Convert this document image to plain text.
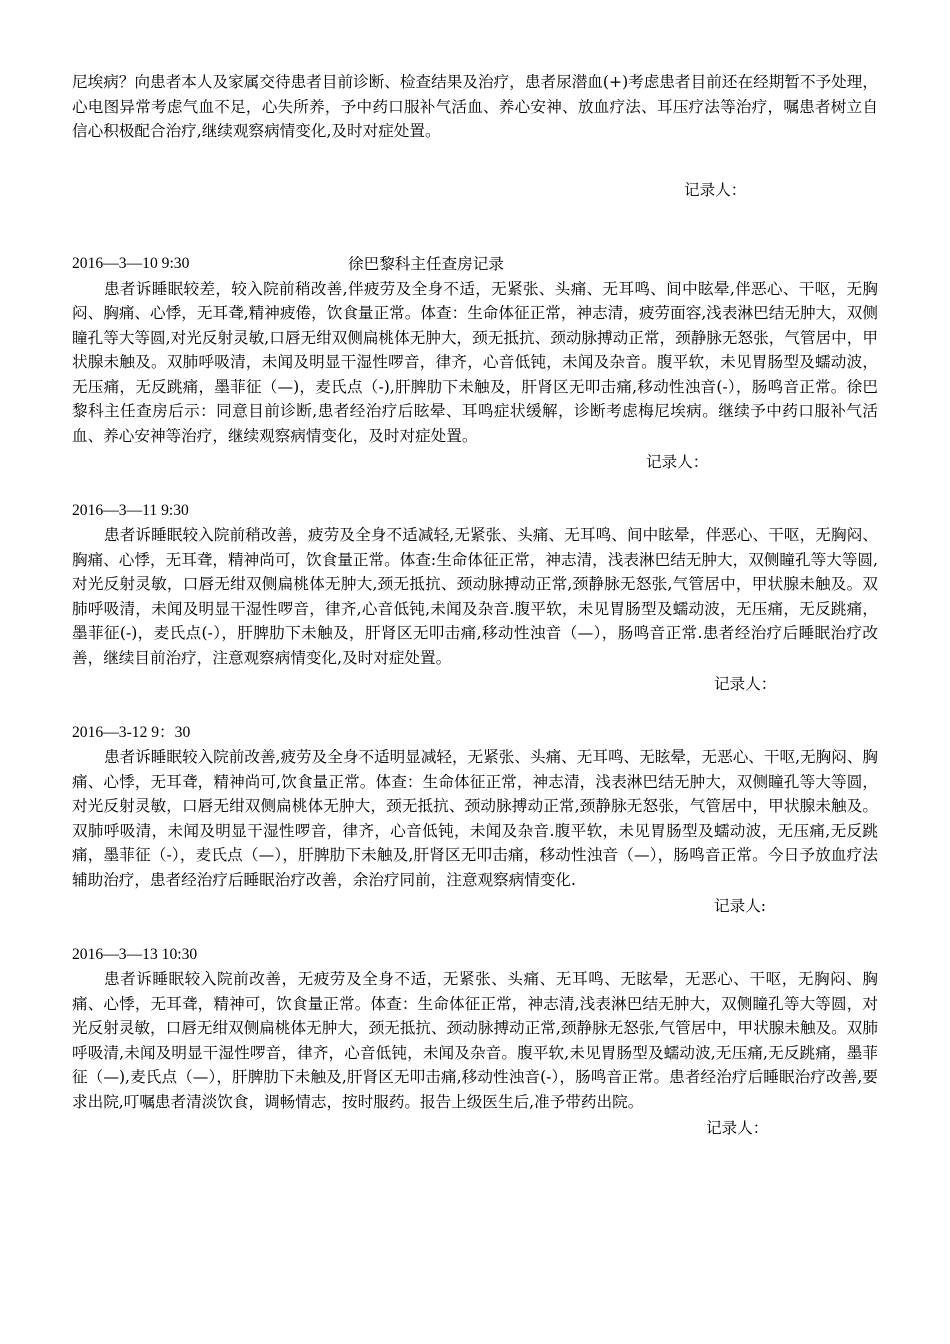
尼埃病？向患者本人及家属交待患者目前诊断、检查结果及治疗，患者尿潜血(+)考虑患者目前还在经期暂不予处理，心电图异常考虑气血不足，心失所养，予中药口服补气活血、养心安神、放血疗法、耳压疗法等治疗，嘱患者树立自信心积极配合治疗,继续观察病情变化,及时对症处置。

记录人：

2016—3—10 9:30	徐巴黎科主任查房记录

患者诉睡眠较差，较入院前稍改善,伴疲劳及全身不适，无紧张、头痛、无耳鸣、间中眩晕,伴恶心、干呕，无胸闷、胸痛、心悸，无耳聋,精神疲倦，饮食量正常。体查：生命体征正常，神志清，疲劳面容,浅表淋巴结无肿大，双侧瞳孔等大等圆,对光反射灵敏,口唇无绀双侧扁桃体无肿大，颈无抵抗、颈动脉搏动正常，颈静脉无怒张，气管居中，甲状腺未触及。双肺呼吸清，未闻及明显干湿性啰音，律齐，心音低钝，未闻及杂音。腹平软，未见胃肠型及蠕动波，无压痛，无反跳痛，墨菲征（—)，麦氏点（-),肝脾肋下未触及，肝肾区无叩击痛,移动性浊音(-），肠鸣音正常。徐巴黎科主任查房后示：同意目前诊断,患者经治疗后眩晕、耳鸣症状缓解，诊断考虑梅尼埃病。继续予中药口服补气活血、养心安神等治疗，继续观察病情变化，及时对症处置。

记录人：

2016—3—11 9:30

患者诉睡眠较入院前稍改善，疲劳及全身不适减轻,无紧张、头痛、无耳鸣、间中眩晕，伴恶心、干呕，无胸闷、胸痛、心悸，无耳聋，精神尚可，饮食量正常。体查:生命体征正常，神志清，浅表淋巴结无肿大，双侧瞳孔等大等圆,对光反射灵敏，口唇无绀双侧扁桃体无肿大,颈无抵抗、颈动脉搏动正常,颈静脉无怒张,气管居中，甲状腺未触及。双肺呼吸清，未闻及明显干湿性啰音，律齐,心音低钝,未闻及杂音.腹平软，未见胃肠型及蠕动波，无压痛，无反跳痛，墨菲征(-)，麦氏点(-），肝脾肋下未触及，肝肾区无叩击痛,移动性浊音（—），肠鸣音正常.患者经治疗后睡眠治疗改善，继续目前治疗，注意观察病情变化,及时对症处置。

记录人：

2016—3-12 9：30

患者诉睡眠较入院前改善,疲劳及全身不适明显减轻，无紧张、头痛、无耳鸣、无眩晕，无恶心、干呕,无胸闷、胸痛、心悸，无耳聋，精神尚可,饮食量正常。体查：生命体征正常，神志清，浅表淋巴结无肿大，双侧瞳孔等大等圆，对光反射灵敏，口唇无绀双侧扁桃体无肿大，颈无抵抗、颈动脉搏动正常,颈静脉无怒张，气管居中，甲状腺未触及。双肺呼吸清，未闻及明显干湿性啰音，律齐，心音低钝，未闻及杂音.腹平软，未见胃肠型及蠕动波，无压痛,无反跳痛，墨菲征（-），麦氏点（—），肝脾肋下未触及,肝肾区无叩击痛，移动性浊音（—），肠鸣音正常。今日予放血疗法辅助治疗，患者经治疗后睡眠治疗改善，余治疗同前，注意观察病情变化.

记录人:

2016—3—13 10:30

患者诉睡眠较入院前改善，无疲劳及全身不适，无紧张、头痛、无耳鸣、无眩晕，无恶心、干呕，无胸闷、胸痛、心悸，无耳聋，精神可，饮食量正常。体查：生命体征正常，神志清,浅表淋巴结无肿大，双侧瞳孔等大等圆，对光反射灵敏，口唇无绀双侧扁桃体无肿大，颈无抵抗、颈动脉搏动正常,颈静脉无怒张,气管居中，甲状腺未触及。双肺呼吸清,未闻及明显干湿性啰音，律齐，心音低钝，未闻及杂音。腹平软,未见胃肠型及蠕动波,无压痛,无反跳痛，墨菲征（—),麦氏点（—），肝脾肋下未触及,肝肾区无叩击痛,移动性浊音(-），肠鸣音正常。患者经治疗后睡眠治疗改善,要求出院,叮嘱患者清淡饮食，调畅情志，按时服药。报告上级医生后,准予带药出院。

记录人：
